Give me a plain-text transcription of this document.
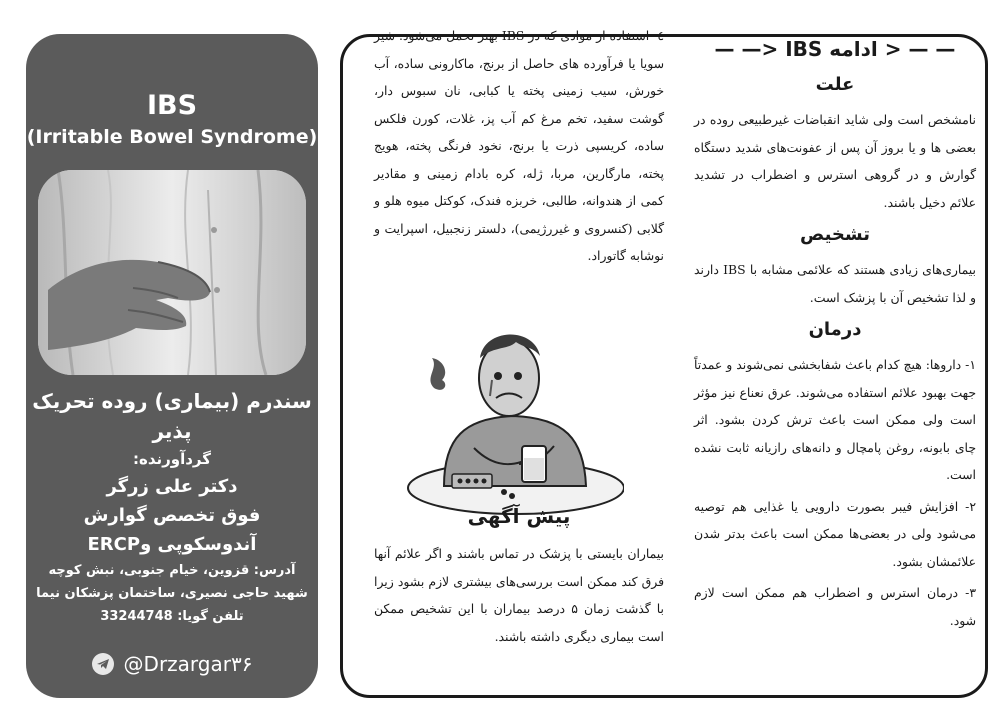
IBS
(Irritable Bowel Syndrome)
سندرم (بیماری) روده تحریک پذیر
گردآورنده:
دکتر علی زرگر
فوق تخصص گوارش
آندوسکوپی وERCP
آدرس: قزوین، خیام جنوبی، نبش کوچه
شهید حاجی نصیری، ساختمان پزشکان نیما
تلفن گویا: 33244748
@Drzargar۳۶
— — < ادامه IBS <— —
علت
نامشخص است ولی شاید انقباضات غیرطبیعی روده در بعضی ها و یا بروز آن پس از عفونت‌های شدید دستگاه گوارش و در گروهی استرس و اضطراب در تشدید علائم دخیل باشند.
تشخیص
بیماری‌های زیادی هستند که علائمی مشابه با IBS دارند و لذا تشخیص آن با پزشک است.
درمان
۱- داروها: هیچ کدام باعث شفابخشی نمی‌شوند و عمدتاً جهت بهبود علائم استفاده می‌شوند. عرق نعناع نیز مؤثر است ولی ممکن است باعث ترش کردن بشود. اثر چای بابونه، روغن پامچال و دانه‌های رازیانه ثابت نشده است.
۲- افزایش فیبر بصورت دارویی یا غذایی هم توصیه می‌شود ولی در بعضی‌ها ممکن است باعث بدتر شدن علائمشان بشود.
۳- درمان استرس و اضطراب هم ممکن است لازم شود.
٤- استفاده از موادی که در IBS بهتر تحمل می‌شود. شیر سویا یا فرآورده های حاصل از برنج، ماکارونی ساده، آب خورش، سیب زمینی پخته یا کبابی، نان سبوس دار، گوشت سفید، تخم مرغ کم آب پز، غلات، کورن فلکس ساده، کریسپی ذرت یا برنج، نخود فرنگی پخته، هویج پخته، مارگارین، مربا، ژله، کره بادام زمینی و مقادیر کمی از هندوانه، طالبی، خربزه فندک، کوکتل میوه هلو و گلابی (کنسروی و غیررژیمی)، دلستر زنجبیل، اسپرایت و نوشابه گاتوراد.
پیش آگهی
بیماران بایستی با پزشک در تماس باشند و اگر علائم آنها فرق کند ممکن است بررسی‌های بیشتری لازم بشود زیرا با گذشت زمان ۵ درصد بیماران با این تشخیص ممکن است بیماری دیگری داشته باشند.
